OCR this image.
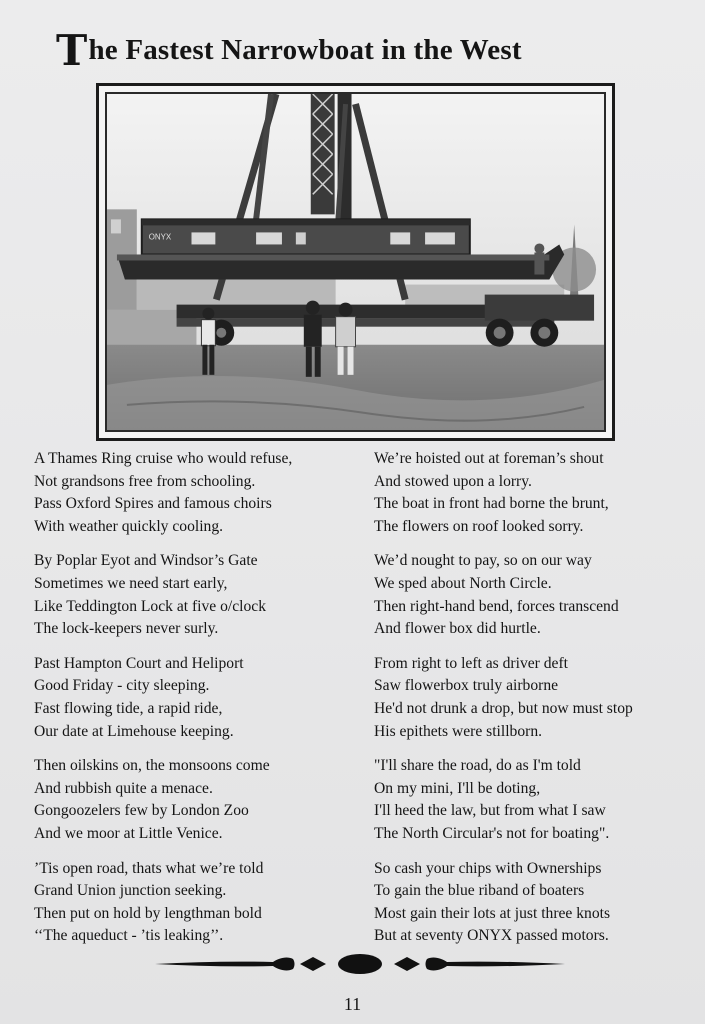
The Fastest Narrowboat in the West
ONYX
A Thames Ring cruise who would refuse,
Not grandsons free from schooling.
Pass Oxford Spires and famous choirs
With weather quickly cooling.
By Poplar Eyot and Windsor’s Gate
Sometimes we need start early,
Like Teddington Lock at five o/clock
The lock-keepers never surly.
Past Hampton Court and Heliport
Good Friday - city sleeping.
Fast flowing tide, a rapid ride,
Our date at Limehouse keeping.
Then oilskins on, the monsoons come
And rubbish quite a menace.
Gongoozelers few by London Zoo
And we moor at Little Venice.
’Tis open road, thats what we’re told
Grand Union junction seeking.
Then put on hold by lengthman bold
‘‘The aqueduct - ’tis leaking’’.
We’re hoisted out at foreman’s shout
And stowed upon a lorry.
The boat in front had borne the brunt,
The flowers on roof looked sorry.
We’d nought to pay, so on our way
We sped about North Circle.
Then right-hand bend, forces transcend
And flower box did hurtle.
From right to left as driver deft
Saw flowerbox truly airborne
He'd not drunk a drop, but now must stop
His epithets were stillborn.
"I'll share the road, do as I'm told
On my mini, I'll be doting,
I'll heed the law, but from what I saw
The North Circular's not for boating".
So cash your chips with Ownerships
To gain the blue riband of boaters
Most gain their lots at just three knots
But at seventy ONYX passed motors.
11
